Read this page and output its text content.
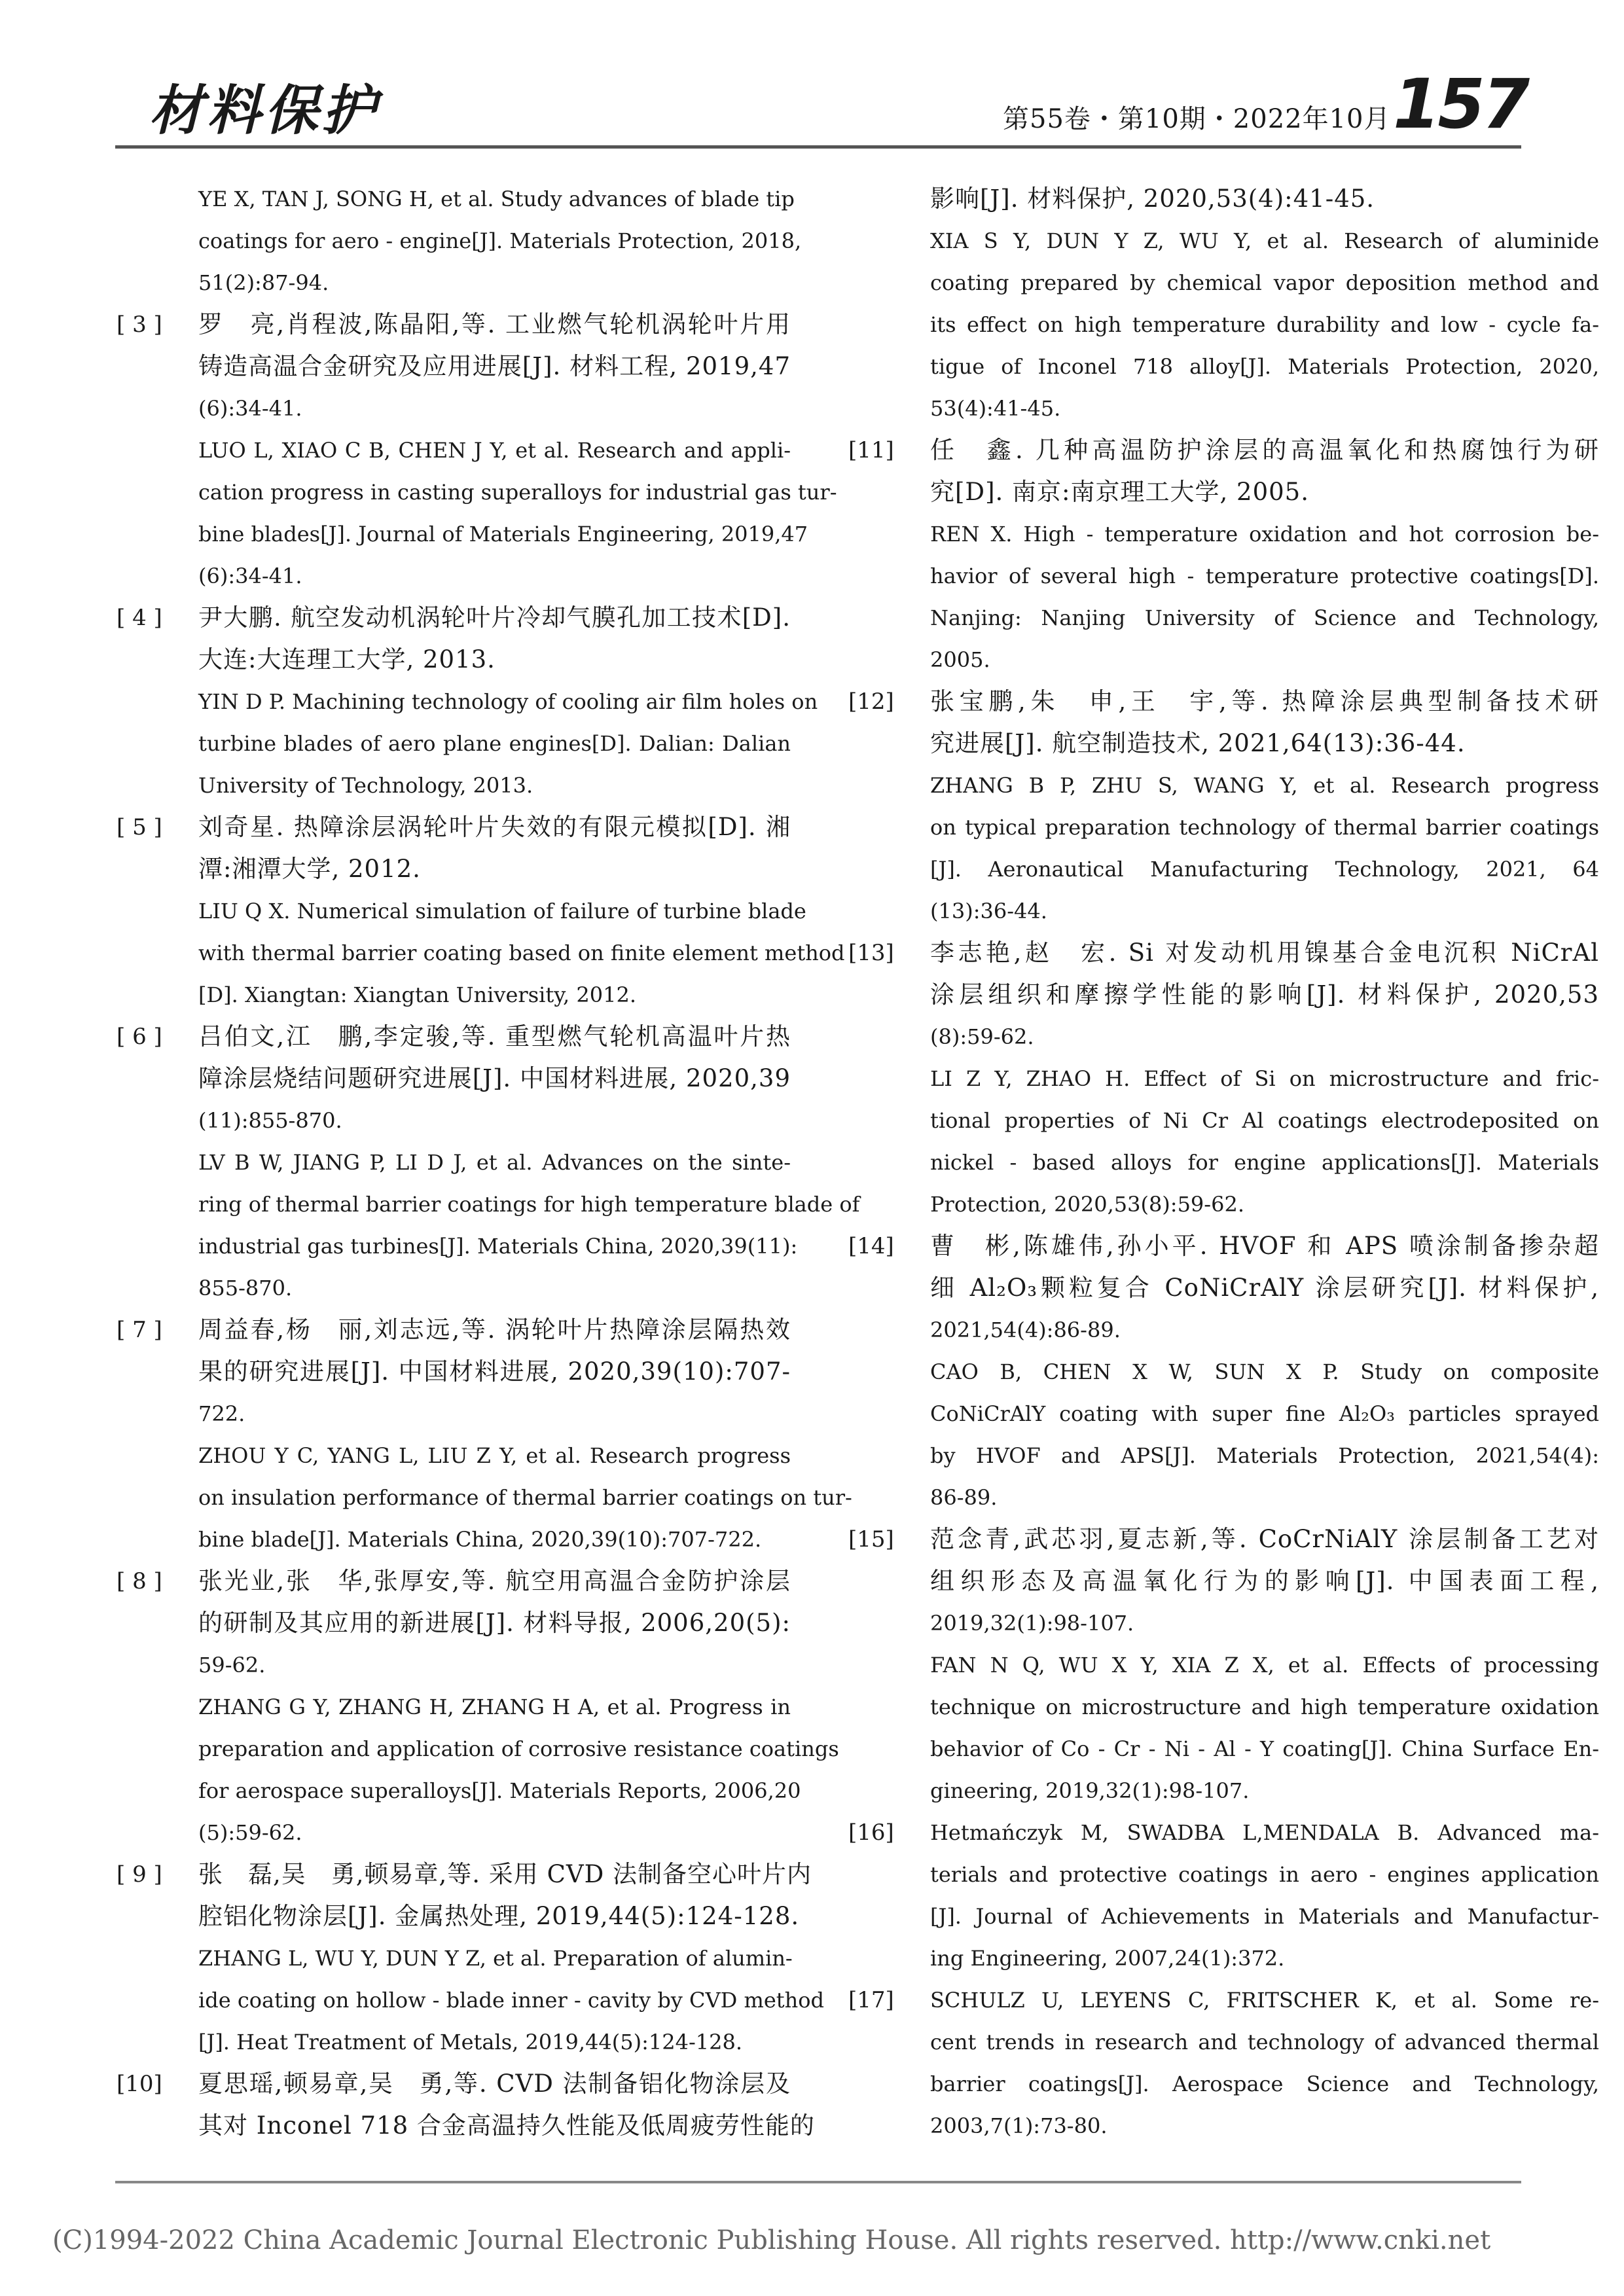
材料保护	第55卷・第10期・2022年10月 157
YE X, TAN J, SONG H, et al. Study advances of blade tip
coatings for aero - engine[J]. Materials Protection, 2018,
51(2):87-94.
[ 3 ]	罗　亮,肖程波,陈晶阳,等. 工业燃气轮机涡轮叶片用
铸造高温合金研究及应用进展[J]. 材料工程, 2019,47
(6):34-41.
LUO L, XIAO C B, CHEN J Y, et al. Research and appli-
cation progress in casting superalloys for industrial gas tur-
bine blades[J]. Journal of Materials Engineering, 2019,47
(6):34-41.
[ 4 ]	尹大鹏. 航空发动机涡轮叶片冷却气膜孔加工技术[D].
大连:大连理工大学, 2013.
YIN D P. Machining technology of cooling air film holes on
turbine blades of aero plane engines[D]. Dalian: Dalian
University of Technology, 2013.
[ 5 ]	刘奇星. 热障涂层涡轮叶片失效的有限元模拟[D]. 湘
潭:湘潭大学, 2012.
LIU Q X. Numerical simulation of failure of turbine blade
with thermal barrier coating based on finite element method
[D]. Xiangtan: Xiangtan University, 2012.
[ 6 ]	吕伯文,江　鹏,李定骏,等. 重型燃气轮机高温叶片热
障涂层烧结问题研究进展[J]. 中国材料进展, 2020,39
(11):855-870.
LV B W, JIANG P, LI D J, et al. Advances on the sinte-
ring of thermal barrier coatings for high temperature blade of
industrial gas turbines[J]. Materials China, 2020,39(11):
855-870.
[ 7 ]	周益春,杨　丽,刘志远,等. 涡轮叶片热障涂层隔热效
果的研究进展[J]. 中国材料进展, 2020,39(10):707-
722.
ZHOU Y C, YANG L, LIU Z Y, et al. Research progress
on insulation performance of thermal barrier coatings on tur-
bine blade[J]. Materials China, 2020,39(10):707-722.
[ 8 ]	张光业,张　华,张厚安,等. 航空用高温合金防护涂层
的研制及其应用的新进展[J]. 材料导报, 2006,20(5):
59-62.
ZHANG G Y, ZHANG H, ZHANG H A, et al. Progress in
preparation and application of corrosive resistance coatings
for aerospace superalloys[J]. Materials Reports, 2006,20
(5):59-62.
[ 9 ]	张　磊,吴　勇,顿易章,等. 采用 CVD 法制备空心叶片内
腔铝化物涂层[J]. 金属热处理, 2019,44(5):124-128.
ZHANG L, WU Y, DUN Y Z, et al. Preparation of alumin-
ide coating on hollow - blade inner - cavity by CVD method
[J]. Heat Treatment of Metals, 2019,44(5):124-128.
[10]	夏思瑶,顿易章,吴　勇,等. CVD 法制备铝化物涂层及
其对 Inconel 718 合金高温持久性能及低周疲劳性能的
影响[J]. 材料保护, 2020,53(4):41-45.
XIA S Y, DUN Y Z, WU Y, et al. Research of aluminide
coating prepared by chemical vapor deposition method and
its effect on high temperature durability and low - cycle fa-
tigue of Inconel 718 alloy[J]. Materials Protection, 2020,
53(4):41-45.
[11]	任　鑫. 几种高温防护涂层的高温氧化和热腐蚀行为研
究[D]. 南京:南京理工大学, 2005.
REN X. High - temperature oxidation and hot corrosion be-
havior of several high - temperature protective coatings[D].
Nanjing: Nanjing University of Science and Technology,
2005.
[12]	张宝鹏,朱　申,王　宇,等. 热障涂层典型制备技术研
究进展[J]. 航空制造技术, 2021,64(13):36-44.
ZHANG B P, ZHU S, WANG Y, et al. Research progress
on typical preparation technology of thermal barrier coatings
[J]. Aeronautical Manufacturing Technology, 2021, 64
(13):36-44.
[13]	李志艳,赵　宏. Si 对发动机用镍基合金电沉积 NiCrAl
涂层组织和摩擦学性能的影响[J]. 材料保护, 2020,53
(8):59-62.
LI Z Y, ZHAO H. Effect of Si on microstructure and fric-
tional properties of Ni Cr Al coatings electrodeposited on
nickel - based alloys for engine applications[J]. Materials
Protection, 2020,53(8):59-62.
[14]	曹　彬,陈雄伟,孙小平. HVOF 和 APS 喷涂制备掺杂超
细 Al₂O₃颗粒复合 CoNiCrAlY 涂层研究[J]. 材料保护,
2021,54(4):86-89.
CAO B, CHEN X W, SUN X P. Study on composite
CoNiCrAlY coating with super fine Al₂O₃ particles sprayed
by HVOF and APS[J]. Materials Protection, 2021,54(4):
86-89.
[15]	范念青,武芯羽,夏志新,等. CoCrNiAlY 涂层制备工艺对
组织形态及高温氧化行为的影响[J]. 中国表面工程,
2019,32(1):98-107.
FAN N Q, WU X Y, XIA Z X, et al. Effects of processing
technique on microstructure and high temperature oxidation
behavior of Co - Cr - Ni - Al - Y coating[J]. China Surface En-
gineering, 2019,32(1):98-107.
[16]	Hetmańczyk M, SWADBA L,MENDALA B. Advanced ma-
terials and protective coatings in aero - engines application
[J]. Journal of Achievements in Materials and Manufactur-
ing Engineering, 2007,24(1):372.
[17]	SCHULZ U, LEYENS C, FRITSCHER K, et al. Some re-
cent trends in research and technology of advanced thermal
barrier coatings[J]. Aerospace Science and Technology,
2003,7(1):73-80.
(C)1994-2022 China Academic Journal Electronic Publishing House. All rights reserved. http://www.cnki.net
